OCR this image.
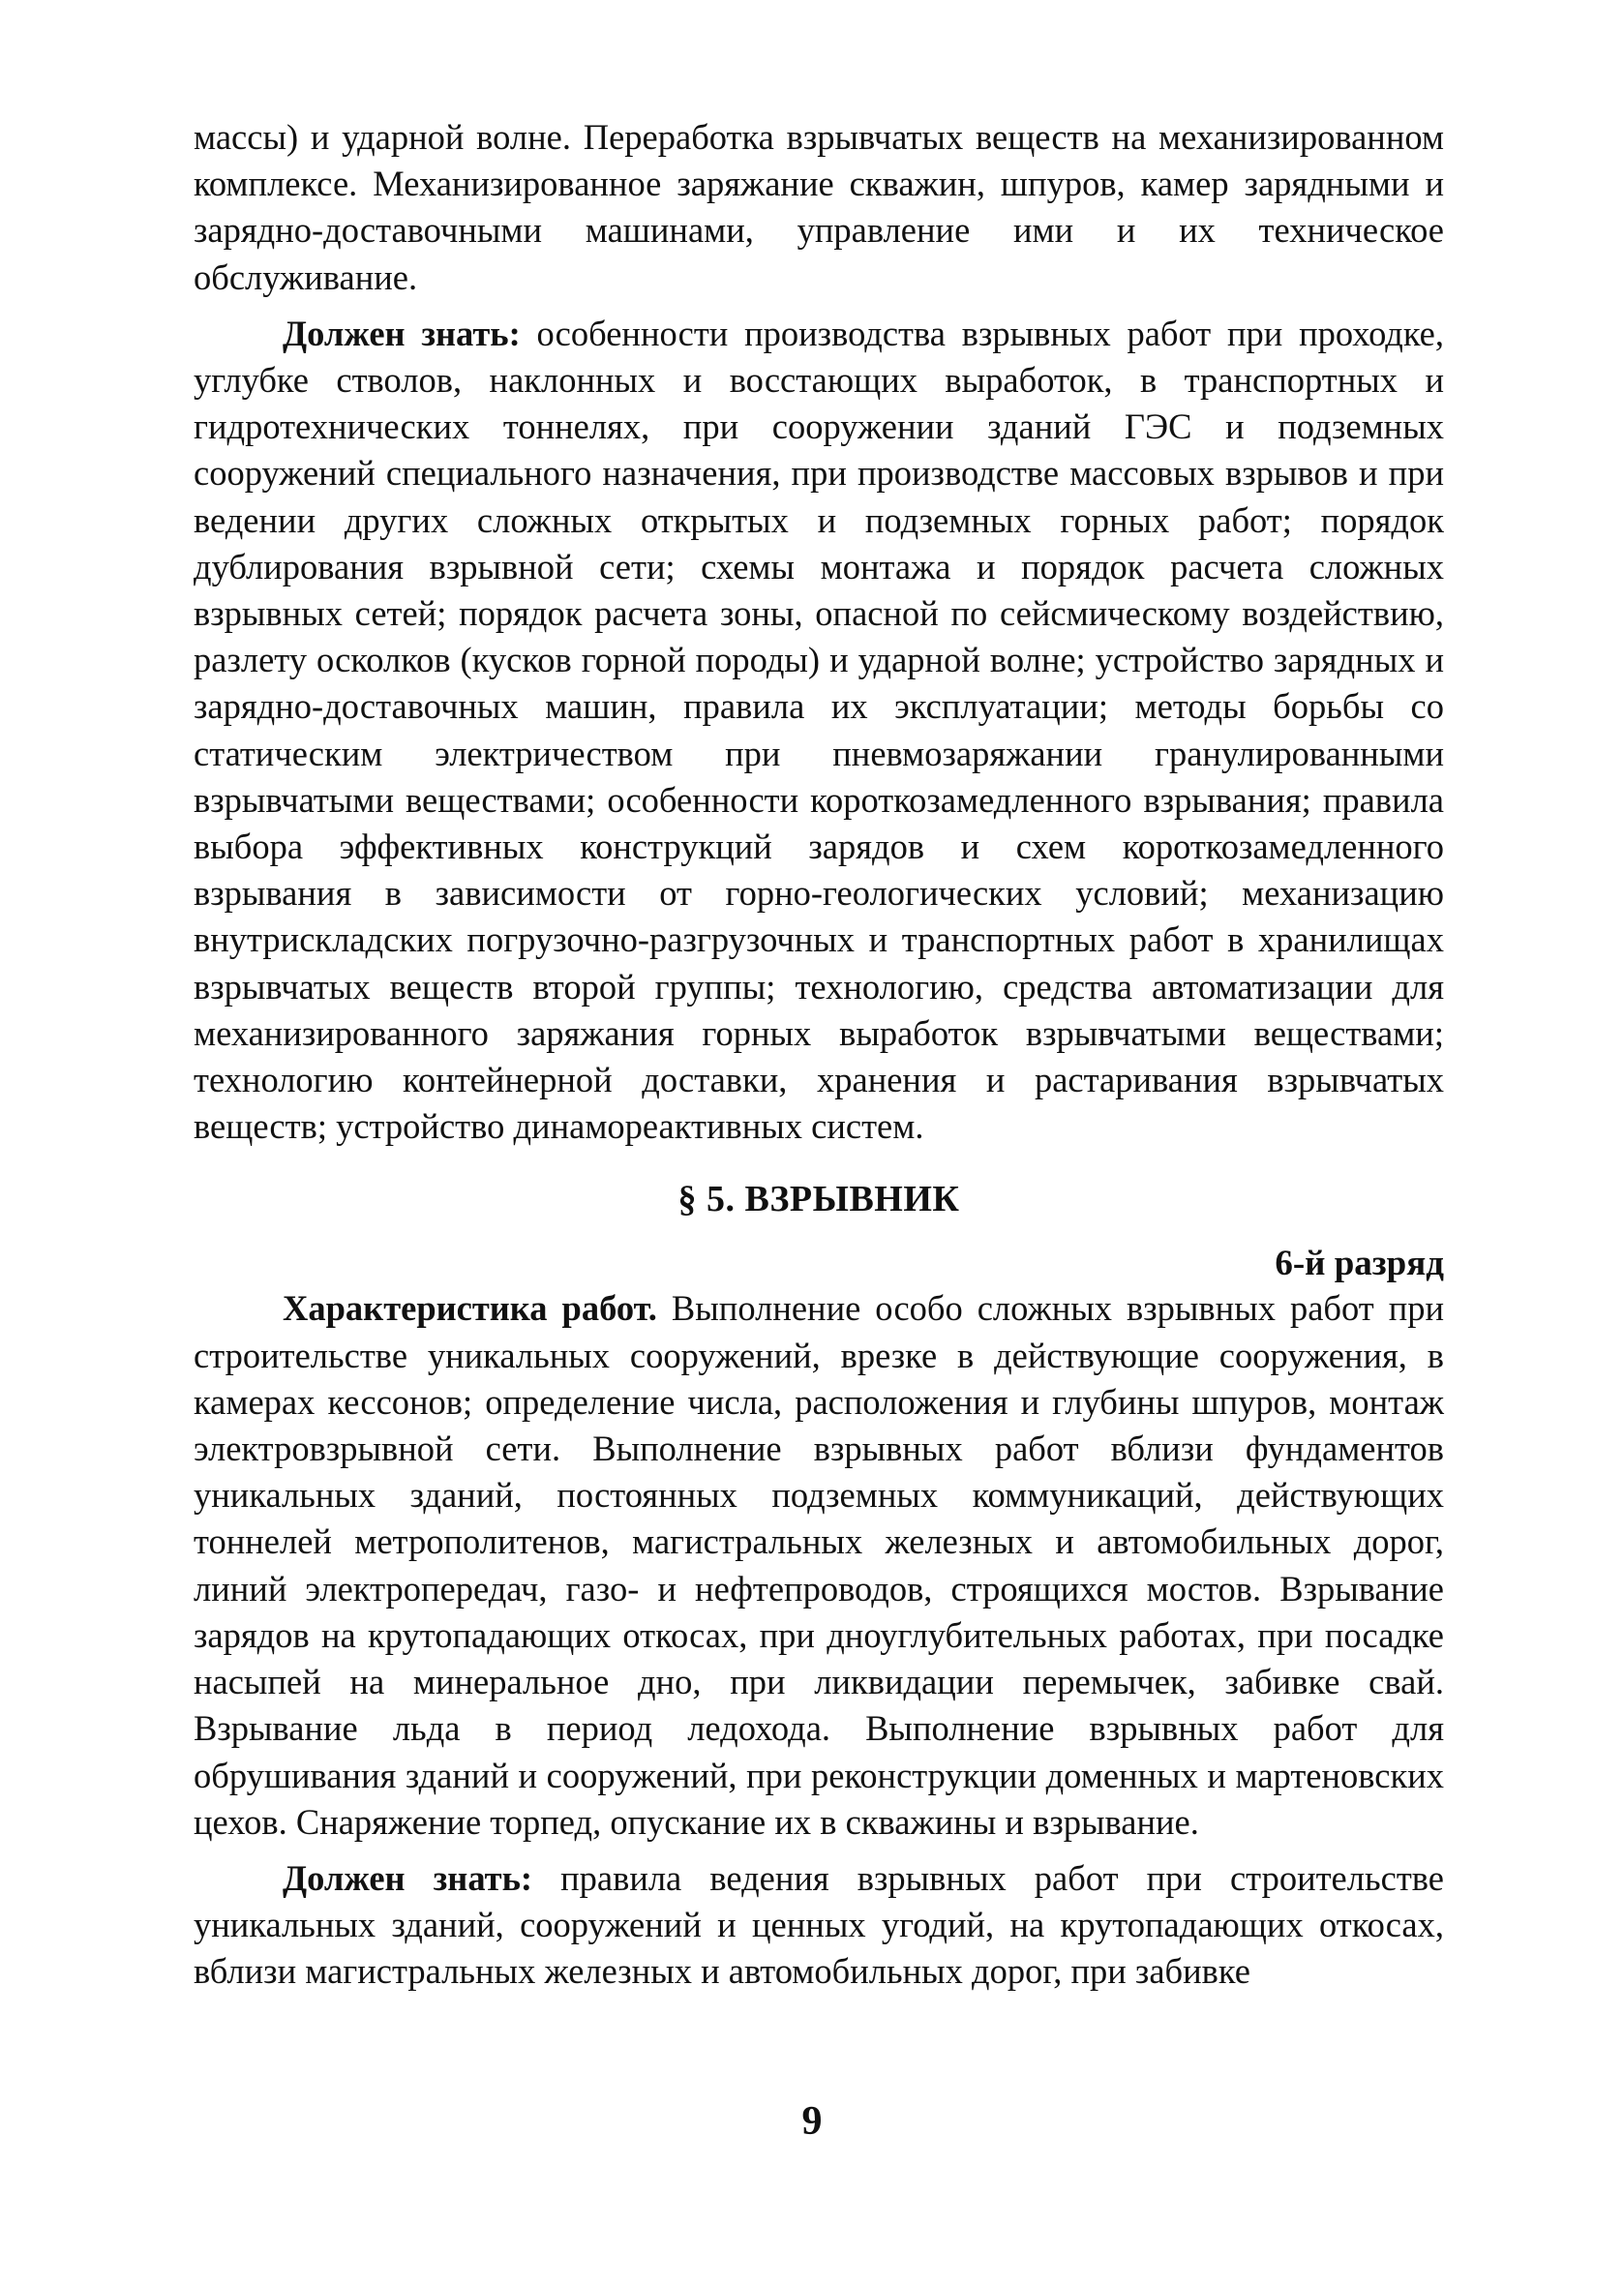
массы) и ударной волне. Переработка взрывчатых веществ на механизированном комплексе. Механизированное заряжание скважин, шпуров, камер зарядными и зарядно-доставочными машинами, управление ими и их техническое обслуживание.

Должен знать: особенности производства взрывных работ при проходке, углубке стволов, наклонных и восстающих выработок, в транспортных и гидротехнических тоннелях, при сооружении зданий ГЭС и подземных сооружений специального назначения, при производстве массовых взрывов и при ведении других сложных открытых и подземных горных работ; порядок дублирования взрывной сети; схемы монтажа и порядок расчета сложных взрывных сетей; порядок расчета зоны, опасной по сейсмическому воздействию, разлету осколков (кусков горной породы) и ударной волне; устройство зарядных и зарядно-доставочных машин, правила их эксплуатации; методы борьбы со статическим электричеством при пневмозаряжании гранулированными взрывчатыми веществами; особенности короткозамедленного взрывания; правила выбора эффективных конструкций зарядов и схем короткозамедленного взрывания в зависимости от горно-геологических условий; механизацию внутрискладских погрузочно-разгрузочных и транспортных работ в хранилищах взрывчатых веществ второй группы; технологию, средства автоматизации для механизированного заряжания горных выработок взрывчатыми веществами; технологию контейнерной доставки, хранения и растаривания взрывчатых веществ; устройство динамореактивных систем.

§ 5. ВЗРЫВНИК

6-й разряд

Характеристика работ. Выполнение особо сложных взрывных работ при строительстве уникальных сооружений, врезке в действующие сооружения, в камерах кессонов; определение числа, расположения и глубины шпуров, монтаж электровзрывной сети. Выполнение взрывных работ вблизи фундаментов уникальных зданий, постоянных подземных коммуникаций, действующих тоннелей метрополитенов, магистральных железных и автомобильных дорог, линий электропередач, газо- и нефтепроводов, строящихся мостов. Взрывание зарядов на крутопадающих откосах, при дноуглубительных работах, при посадке насыпей на минеральное дно, при ликвидации перемычек, забивке свай. Взрывание льда в период ледохода. Выполнение взрывных работ для обрушивания зданий и сооружений, при реконструкции доменных и мартеновских цехов. Снаряжение торпед, опускание их в скважины и взрывание.

Должен знать: правила ведения взрывных работ при строительстве уникальных зданий, сооружений и ценных угодий, на крутопадающих откосах, вблизи магистральных железных и автомобильных дорог, при забивке

9
